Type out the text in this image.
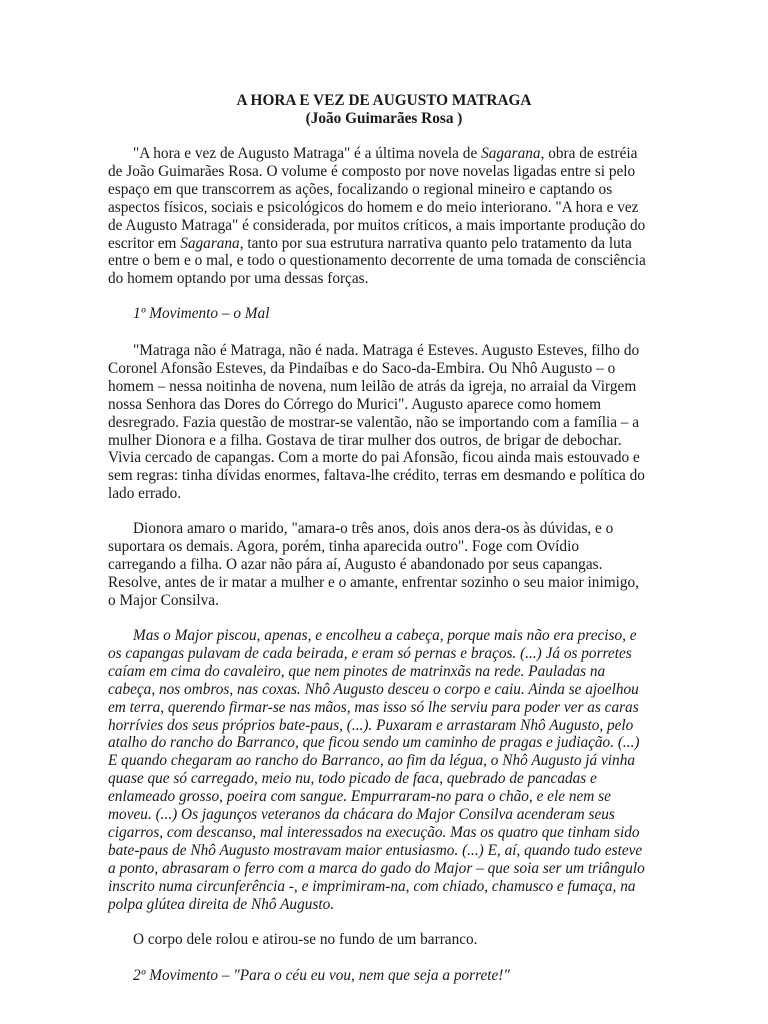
A HORA E VEZ DE AUGUSTO MATRAGA
(João Guimarães Rosa )
"A hora e vez de Augusto Matraga" é a última novela de Sagarana, obra de estréia
de João Guimarães Rosa. O volume é composto por nove novelas ligadas entre si pelo
espaço em que transcorrem as ações, focalizando o regional mineiro e captando os
aspectos físicos, sociais e psicológicos do homem e do meio interiorano. "A hora e vez
de Augusto Matraga" é considerada, por muitos críticos, a mais importante produção do
escritor em Sagarana, tanto por sua estrutura narrativa quanto pelo tratamento da luta
entre o bem e o mal, e todo o questionamento decorrente de uma tomada de consciência
do homem optando por uma dessas forças.
1º Movimento – o Mal
"Matraga não é Matraga, não é nada. Matraga é Esteves. Augusto Esteves, filho do
Coronel Afonsão Esteves, da Pindaíbas e do Saco-da-Embira. Ou Nhô Augusto – o
homem – nessa noitinha de novena, num leilão de atrás da igreja, no arraial da Virgem
nossa Senhora das Dores do Córrego do Murici". Augusto aparece como homem
desregrado. Fazia questão de mostrar-se valentão, não se importando com a família – a
mulher Dionora e a filha. Gostava de tirar mulher dos outros, de brigar de debochar.
Vivia cercado de capangas. Com a morte do pai Afonsão, ficou ainda mais estouvado e
sem regras: tinha dívidas enormes, faltava-lhe crédito, terras em desmando e política do
lado errado.
Dionora amaro o marido, "amara-o três anos, dois anos dera-os às dúvidas, e o
suportara os demais. Agora, porém, tinha aparecida outro". Foge com Ovídio
carregando a filha. O azar não pára aí, Augusto é abandonado por seus capangas.
Resolve, antes de ir matar a mulher e o amante, enfrentar sozinho o seu maior inimigo,
o Major Consilva.
Mas o Major piscou, apenas, e encolheu a cabeça, porque mais não era preciso, e
os capangas pulavam de cada beirada, e eram só pernas e braços. (...) Já os porretes
caíam em cima do cavaleiro, que nem pinotes de matrinxãs na rede. Pauladas na
cabeça, nos ombros, nas coxas. Nhô Augusto desceu o corpo e caiu. Ainda se ajoelhou
em terra, querendo firmar-se nas mãos, mas isso só lhe serviu para poder ver as caras
horrívies dos seus próprios bate-paus, (...). Puxaram e arrastaram Nhô Augusto, pelo
atalho do rancho do Barranco, que ficou sendo um caminho de pragas e judiação. (...)
E quando chegaram ao rancho do Barranco, ao fim da légua, o Nhô Augusto já vinha
quase que só carregado, meio nu, todo picado de faca, quebrado de pancadas e
enlameado grosso, poeira com sangue. Empurraram-no para o chão, e ele nem se
moveu. (...) Os jagunços veteranos da chácara do Major Consilva acenderam seus
cigarros, com descanso, mal interessados na execução. Mas os quatro que tinham sido
bate-paus de Nhô Augusto mostravam maior entusiasmo. (...) E, aí, quando tudo esteve
a ponto, abrasaram o ferro com a marca do gado do Major – que soia ser um triângulo
inscrito numa circunferência -, e imprimiram-na, com chiado, chamusco e fumaça, na
polpa glútea direita de Nhô Augusto.
O corpo dele rolou e atirou-se no fundo de um barranco.
2º Movimento – "Para o céu eu vou, nem que seja a porrete!"
